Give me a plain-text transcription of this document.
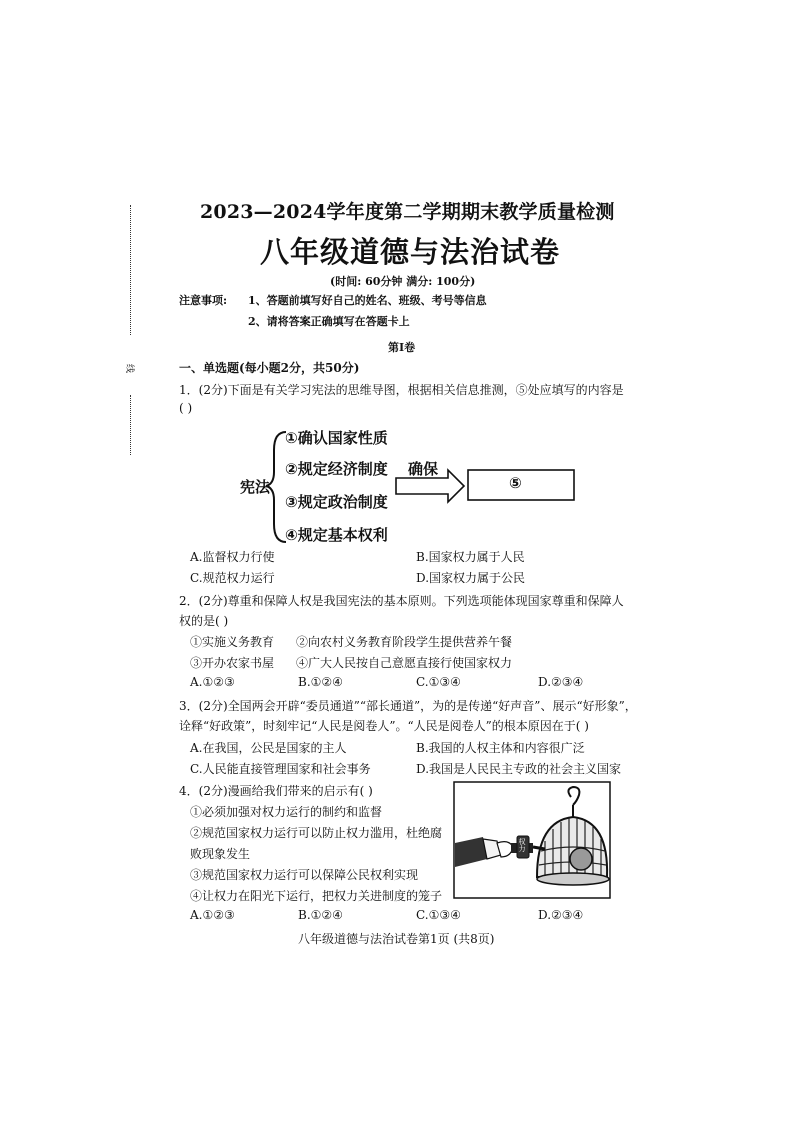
线
2023—2024学年度第二学期期末教学质量检测
八年级道德与法治试卷
(时间: 60分钟 满分: 100分)
注意事项: 1、答题前填写好自己的姓名、班级、考号等信息
2、请将答案正确填写在答题卡上
第I卷
一、单选题(每小题2分，共50分)
1．(2分)下面是有关学习宪法的思维导图，根据相关信息推测，⑤处应填写的内容是
( )
宪法
①确认国家性质
②规定经济制度
③规定政治制度
④规定基本权利
确保
⑤
A.监督权力行使	B.国家权力属于人民
C.规范权力运行	D.国家权力属于公民
2．(2分)尊重和保障人权是我国宪法的基本原则。下列选项能体现国家尊重和保障人
权的是( )
①实施义务教育 ②向农村义务教育阶段学生提供营养午餐
③开办农家书屋 ④广大人民按自己意愿直接行使国家权力
A.①②③	B.①②④	C.①③④	D.②③④
3．(2分)全国两会开辟“委员通道”“部长通道”，为的是传递“好声音”、展示“好形象”，
诠释“好政策”，时刻牢记“人民是阅卷人”。“人民是阅卷人”的根本原因在于( )
A.在我国，公民是国家的主人	B.我国的人权主体和内容很广泛
C.人民能直接管理国家和社会事务	D.我国是人民民主专政的社会主义国家
4．(2分)漫画给我们带来的启示有( )
①必须加强对权力运行的制约和监督
②规范国家权力运行可以防止权力滥用，杜绝腐
败现象发生
③规范国家权力运行可以保障公民权利实现
④让权力在阳光下运行，把权力关进制度的笼子
A.①②③	B.①②④	C.①③④	D.②③④
权力
八年级道德与法治试卷第1页 (共8页)
